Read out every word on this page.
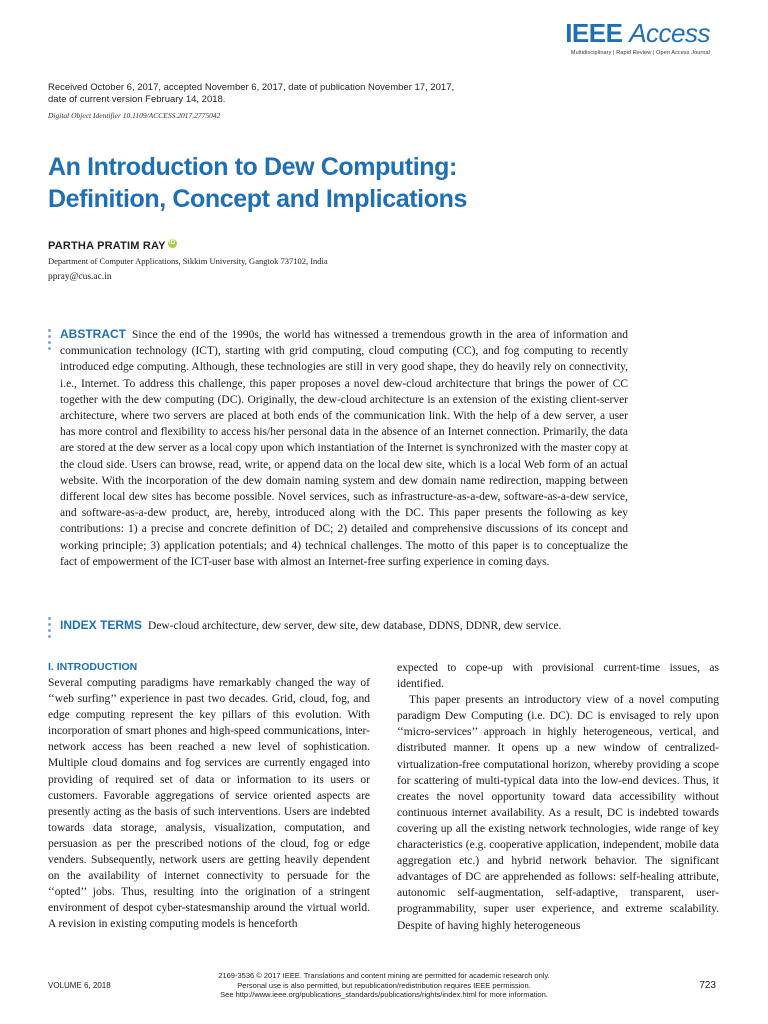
IEEE Access
Multidisciplinary | Rapid Review | Open Access Journal
Received October 6, 2017, accepted November 6, 2017, date of publication November 17, 2017,
date of current version February 14, 2018.
Digital Object Identifier 10.1109/ACCESS.2017.2775042
An Introduction to Dew Computing:
Definition, Concept and Implications
PARTHA PRATIM RAY iD
Department of Computer Applications, Sikkim University, Gangtok 737102, India
ppray@cus.ac.in
ABSTRACT Since the end of the 1990s, the world has witnessed a tremendous growth in the area of information and communication technology (ICT), starting with grid computing, cloud computing (CC), and fog computing to recently introduced edge computing. Although, these technologies are still in very good shape, they do heavily rely on connectivity, i.e., Internet. To address this challenge, this paper proposes a novel dew-cloud architecture that brings the power of CC together with the dew computing (DC). Originally, the dew-cloud architecture is an extension of the existing client-server architecture, where two servers are placed at both ends of the communication link. With the help of a dew server, a user has more control and flexibility to access his/her personal data in the absence of an Internet connection. Primarily, the data are stored at the dew server as a local copy upon which instantiation of the Internet is synchronized with the master copy at the cloud side. Users can browse, read, write, or append data on the local dew site, which is a local Web form of an actual website. With the incorporation of the dew domain naming system and dew domain name redirection, mapping between different local dew sites has become possible. Novel services, such as infrastructure-as-a-dew, software-as-a-dew service, and software-as-a-dew product, are, hereby, introduced along with the DC. This paper presents the following as key contributions: 1) a precise and concrete definition of DC; 2) detailed and comprehensive discussions of its concept and working principle; 3) application potentials; and 4) technical challenges. The motto of this paper is to conceptualize the fact of empowerment of the ICT-user base with almost an Internet-free surfing experience in coming days.
INDEX TERMS Dew-cloud architecture, dew server, dew site, dew database, DDNS, DDNR, dew service.
I. INTRODUCTION

Several computing paradigms have remarkably changed the way of ‘‘web surfing’’ experience in past two decades. Grid, cloud, fog, and edge computing represent the key pillars of this evolution. With incorporation of smart phones and high-speed communications, inter-network access has been reached a new level of sophistication. Multiple cloud domains and fog services are currently engaged into providing of required set of data or information to its users or customers. Favorable aggregations of service oriented aspects are presently acting as the basis of such interventions. Users are indebted towards data storage, analysis, visualization, computation, and persuasion as per the prescribed notions of the cloud, fog or edge venders. Subsequently, network users are getting heavily dependent on the availability of internet connectivity to persuade for the ‘‘opted’’ jobs. Thus, resulting into the origination of a stringent environment of despot cyber-statesmanship around the virtual world. A revision in existing computing models is henceforth

expected to cope-up with provisional current-time issues, as identified.

This paper presents an introductory view of a novel computing paradigm Dew Computing (i.e. DC). DC is envisaged to rely upon ‘‘micro-services’’ approach in highly heterogeneous, vertical, and distributed manner. It opens up a new window of centralized-virtualization-free computational horizon, whereby providing a scope for scattering of multi-typical data into the low-end devices. Thus, it creates the novel opportunity toward data accessibility without continuous internet availability. As a result, DC is indebted towards covering up all the existing network technologies, wide range of key characteristics (e.g. cooperative application, independent, mobile data aggregation etc.) and hybrid network behavior. The significant advantages of DC are apprehended as follows: self-healing attribute, autonomic self-augmentation, self-adaptive, transparent, user-programmability, super user experience, and extreme scalability. Despite of having highly heterogeneous

2169-3536 © 2017 IEEE. Translations and content mining are permitted for academic research only.
Personal use is also permitted, but republication/redistribution requires IEEE permission.
See http://www.ieee.org/publications_standards/publications/rights/index.html for more information.
VOLUME 6, 2018	723
